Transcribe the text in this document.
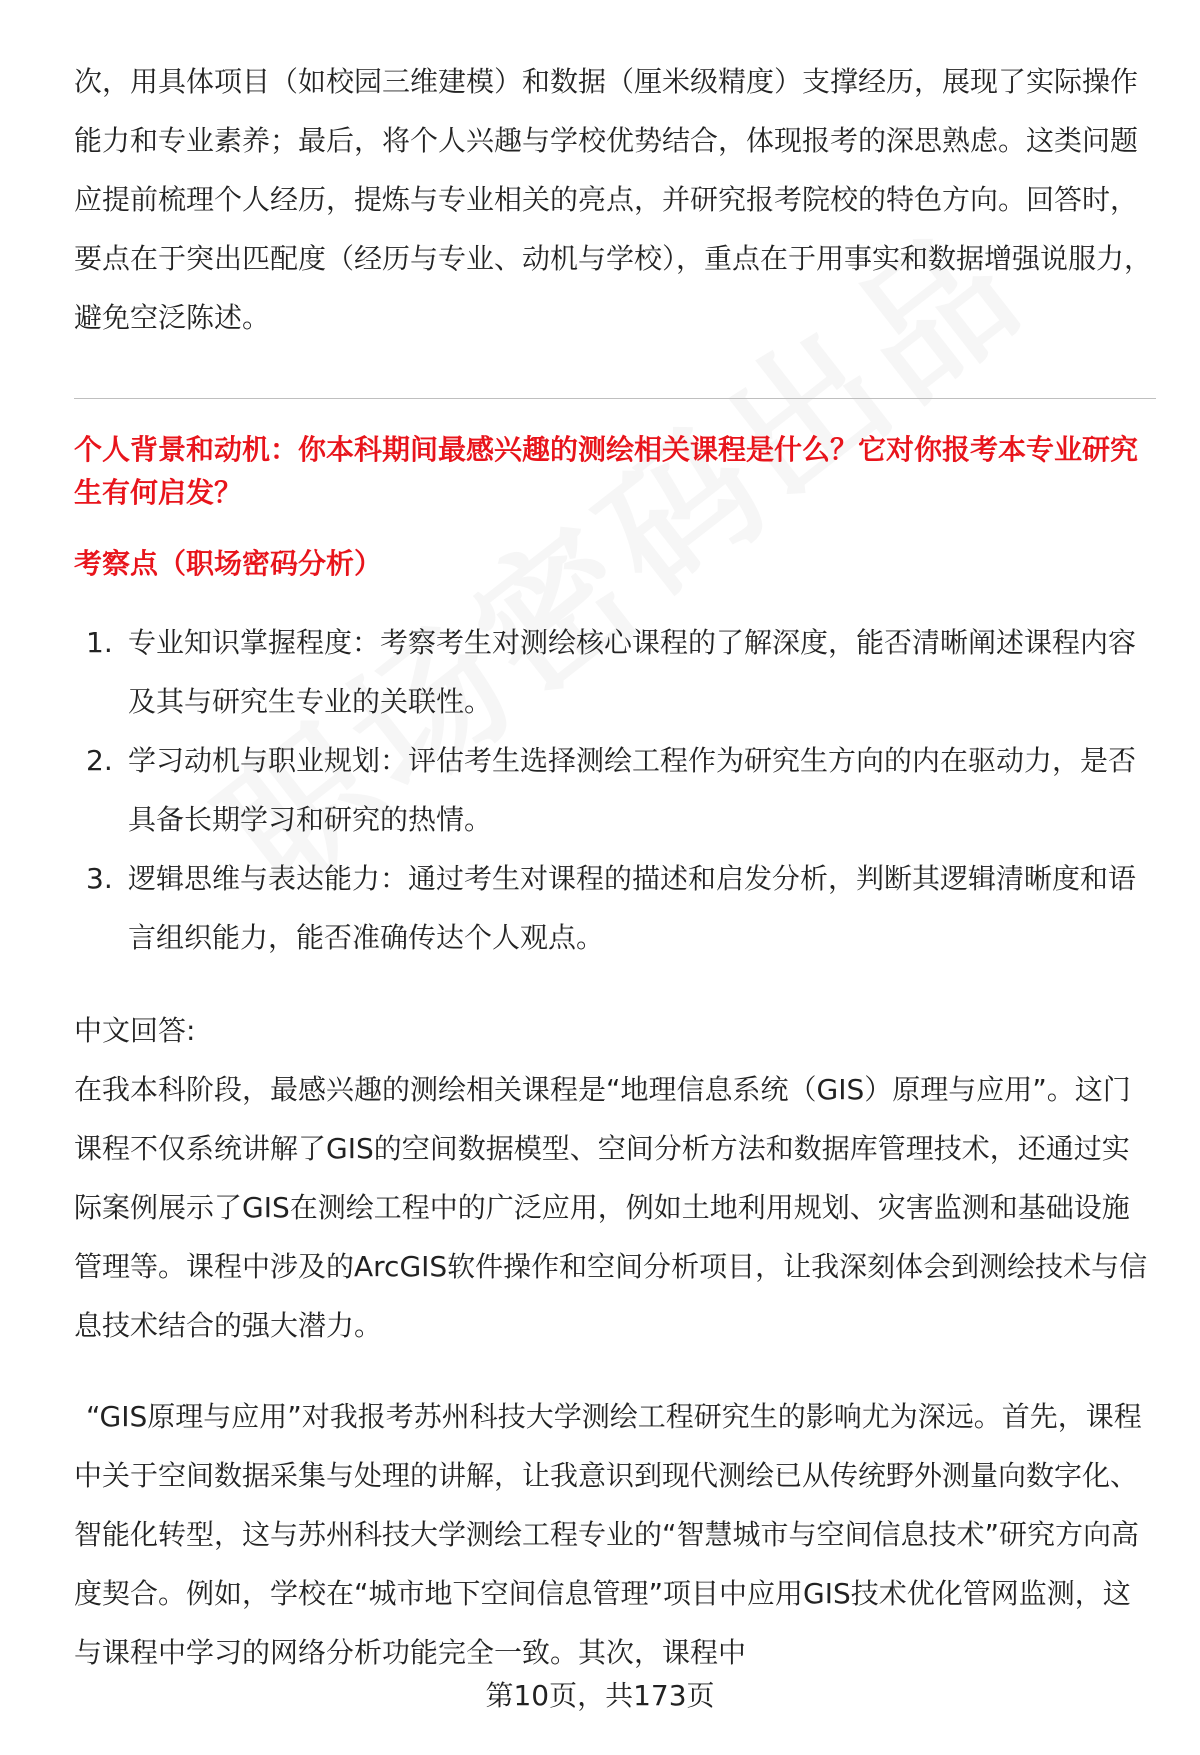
次，用具体项目（如校园三维建模）和数据（厘米级精度）支撑经历，展现了实际操作能力和专业素养；最后，将个人兴趣与学校优势结合，体现报考的深思熟虑。这类问题应提前梳理个人经历，提炼与专业相关的亮点，并研究报考院校的特色方向。回答时，要点在于突出匹配度（经历与专业、动机与学校），重点在于用事实和数据增强说服力，避免空泛陈述。

个人背景和动机：你本科期间最感兴趣的测绘相关课程是什么？它对你报考本专业研究生有何启发？

考察点（职场密码分析）

1. 专业知识掌握程度：考察考生对测绘核心课程的了解深度，能否清晰阐述课程内容及其与研究生专业的关联性。
2. 学习动机与职业规划：评估考生选择测绘工程作为研究生方向的内在驱动力，是否具备长期学习和研究的热情。
3. 逻辑思维与表达能力：通过考生对课程的描述和启发分析，判断其逻辑清晰度和语言组织能力，能否准确传达个人观点。

中文回答:

在我本科阶段，最感兴趣的测绘相关课程是“地理信息系统（GIS）原理与应用”。这门课程不仅系统讲解了GIS的空间数据模型、空间分析方法和数据库管理技术，还通过实际案例展示了GIS在测绘工程中的广泛应用，例如土地利用规划、灾害监测和基础设施管理等。课程中涉及的ArcGIS软件操作和空间分析项目，让我深刻体会到测绘技术与信息技术结合的强大潜力。

“GIS原理与应用”对我报考苏州科技大学测绘工程研究生的影响尤为深远。首先，课程中关于空间数据采集与处理的讲解，让我意识到现代测绘已从传统野外测量向数字化、智能化转型，这与苏州科技大学测绘工程专业的“智慧城市与空间信息技术”研究方向高度契合。例如，学校在“城市地下空间信息管理”项目中应用GIS技术优化管网监测，这与课程中学习的网络分析功能完全一致。其次，课程中

第10页，共173页
